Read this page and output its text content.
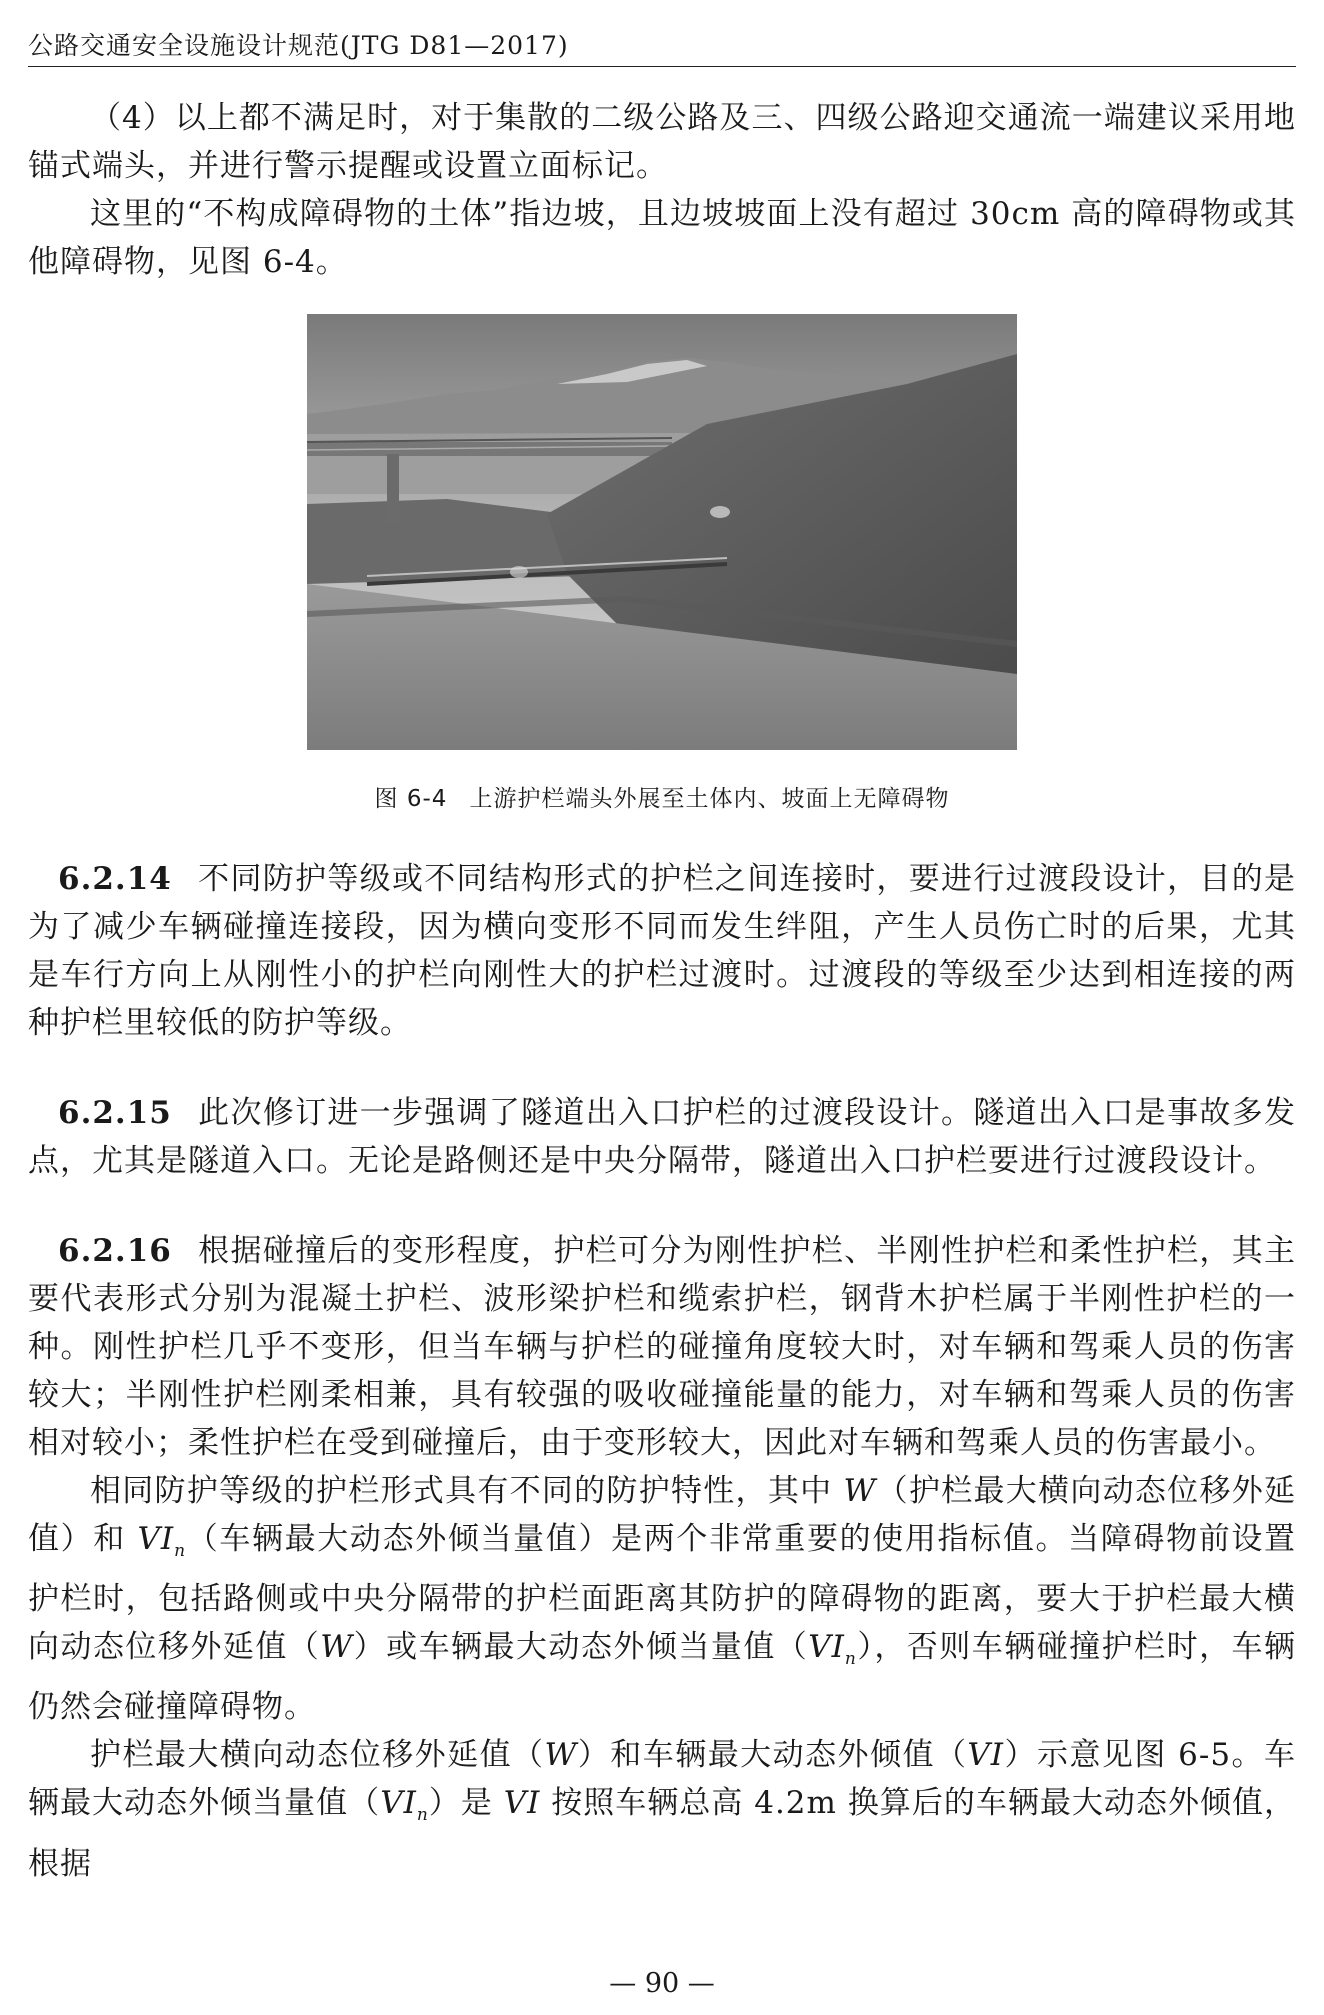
公路交通安全设施设计规范(JTG D81—2017)

（4）以上都不满足时，对于集散的二级公路及三、四级公路迎交通流一端建议采用地锚式端头，并进行警示提醒或设置立面标记。

这里的“不构成障碍物的土体”指边坡，且边坡坡面上没有超过 30cm 高的障碍物或其他障碍物，见图 6-4。

图 6-4 上游护栏端头外展至土体内、坡面上无障碍物

6.2.14 不同防护等级或不同结构形式的护栏之间连接时，要进行过渡段设计，目的是为了减少车辆碰撞连接段，因为横向变形不同而发生绊阻，产生人员伤亡时的后果，尤其是车行方向上从刚性小的护栏向刚性大的护栏过渡时。过渡段的等级至少达到相连接的两种护栏里较低的防护等级。

6.2.15 此次修订进一步强调了隧道出入口护栏的过渡段设计。隧道出入口是事故多发点，尤其是隧道入口。无论是路侧还是中央分隔带，隧道出入口护栏要进行过渡段设计。

6.2.16 根据碰撞后的变形程度，护栏可分为刚性护栏、半刚性护栏和柔性护栏，其主要代表形式分别为混凝土护栏、波形梁护栏和缆索护栏，钢背木护栏属于半刚性护栏的一种。刚性护栏几乎不变形，但当车辆与护栏的碰撞角度较大时，对车辆和驾乘人员的伤害较大；半刚性护栏刚柔相兼，具有较强的吸收碰撞能量的能力，对车辆和驾乘人员的伤害相对较小；柔性护栏在受到碰撞后，由于变形较大，因此对车辆和驾乘人员的伤害最小。

相同防护等级的护栏形式具有不同的防护特性，其中 W（护栏最大横向动态位移外延值）和 $VI_n$（车辆最大动态外倾当量值）是两个非常重要的使用指标值。当障碍物前设置护栏时，包括路侧或中央分隔带的护栏面距离其防护的障碍物的距离，要大于护栏最大横向动态位移外延值（W）或车辆最大动态外倾当量值$(VI_n)$，否则车辆碰撞护栏时，车辆仍然会碰撞障碍物。

护栏最大横向动态位移外延值（W）和车辆最大动态外倾值（VI）示意见图 6-5。车辆最大动态外倾当量值$(VI_n)$是 VI 按照车辆总高 4.2m 换算后的车辆最大动态外倾值，根据

— 90 —
